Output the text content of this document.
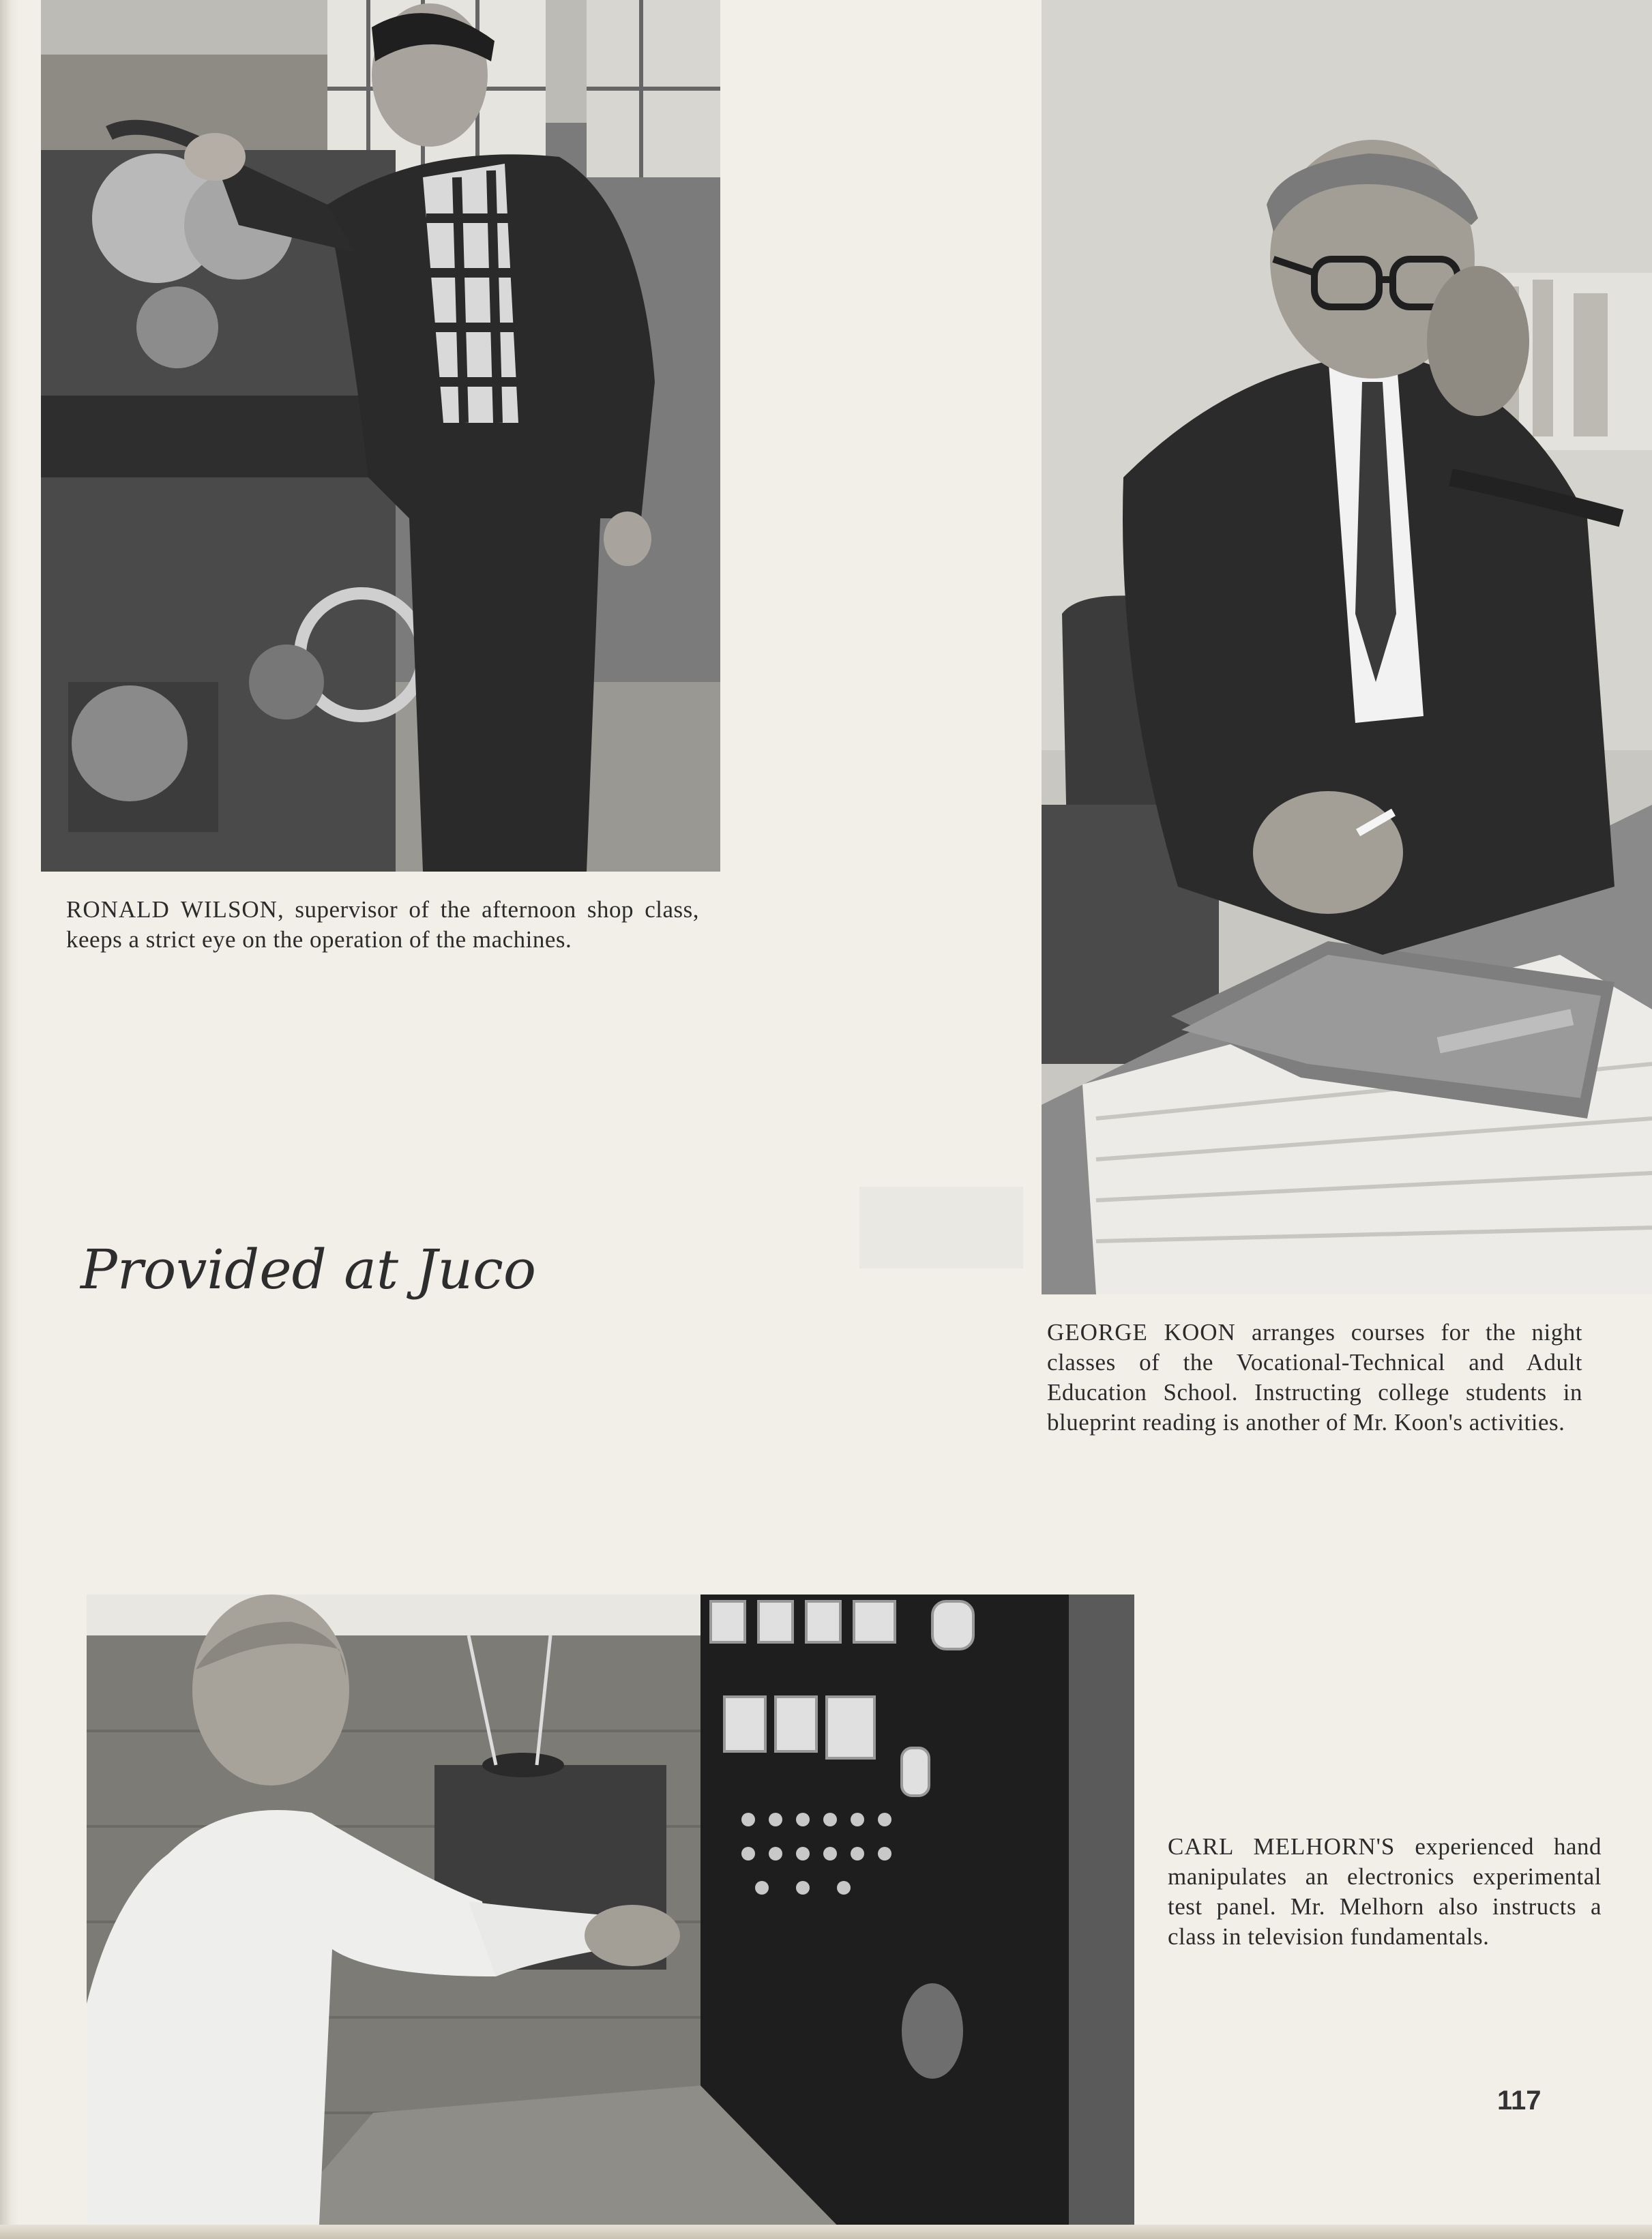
RONALD WILSON, supervisor of the afternoon shop class, keeps a strict eye on the operation of the machines.

Provided at Juco

GEORGE KOON arranges courses for the night classes of the Vocational-Technical and Adult Education School. Instructing college students in blueprint reading is another of Mr. Koon's activities.

CARL MELHORN'S experienced hand manipulates an electronics experimental test panel. Mr. Melhorn also instructs a class in television fundamentals.

117
